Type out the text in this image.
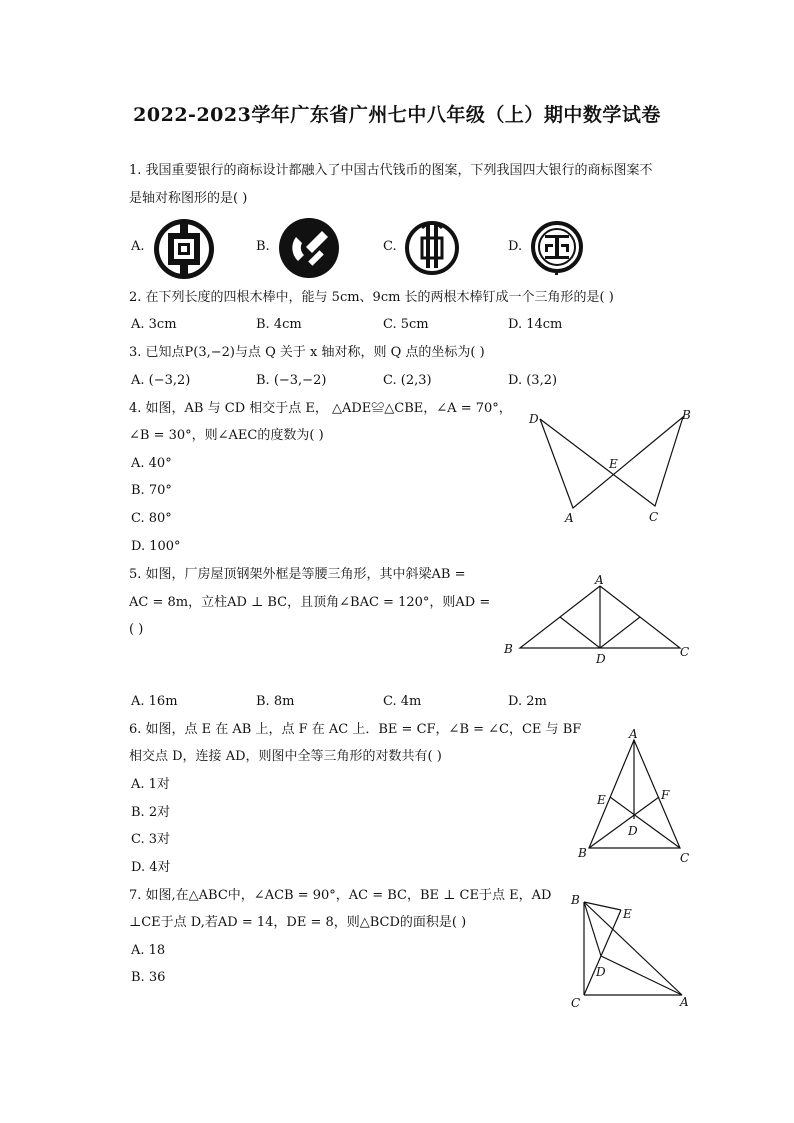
2022-2023学年广东省广州七中八年级（上）期中数学试卷
1. 我国重要银行的商标设计都融入了中国古代钱币的图案，下列我国四大银行的商标图案不
是轴对称图形的是( )
A.	B.	C.	D.
2. 在下列长度的四根木棒中，能与 5cm、9cm 长的两根木棒钉成一个三角形的是( )
A. 3cm	B. 4cm	C. 5cm	D. 14cm
3. 已知点P(3,−2)与点 Q 关于 x 轴对称，则 Q 点的坐标为( )
A. (−3,2)	B. (−3,−2)	C. (2,3)	D. (3,2)
4. 如图，AB 与 CD 相交于点 E， △ADE≌△CBE，∠A = 70°，
∠B = 30°，则∠AEC的度数为( )
A. 40°
B. 70°
C. 80°
D. 100°
D	B
E
A	C
5. 如图，厂房屋顶钢架外框是等腰三角形，其中斜梁AB =
AC = 8m，立柱AD ⊥ BC，且顶角∠BAC = 120°，则AD =
( )
A
B
D	C
A. 16m	B. 8m	C. 4m	D. 2m
6. 如图，点 E 在 AB 上，点 F 在 AC 上．BE = CF，∠B = ∠C，CE 与 BF
相交点 D，连接 AD，则图中全等三角形的对数共有( )
A. 1对
B. 2对
C. 3对
D. 4对
A
E	F
D
B	C
7. 如图,在△ABC中，∠ACB = 90°，AC = BC，BE ⊥ CE于点 E，AD
⊥CE于点 D,若AD = 14，DE = 8，则△BCD的面积是( )
A. 18
B. 36
B
E
D
C	A
